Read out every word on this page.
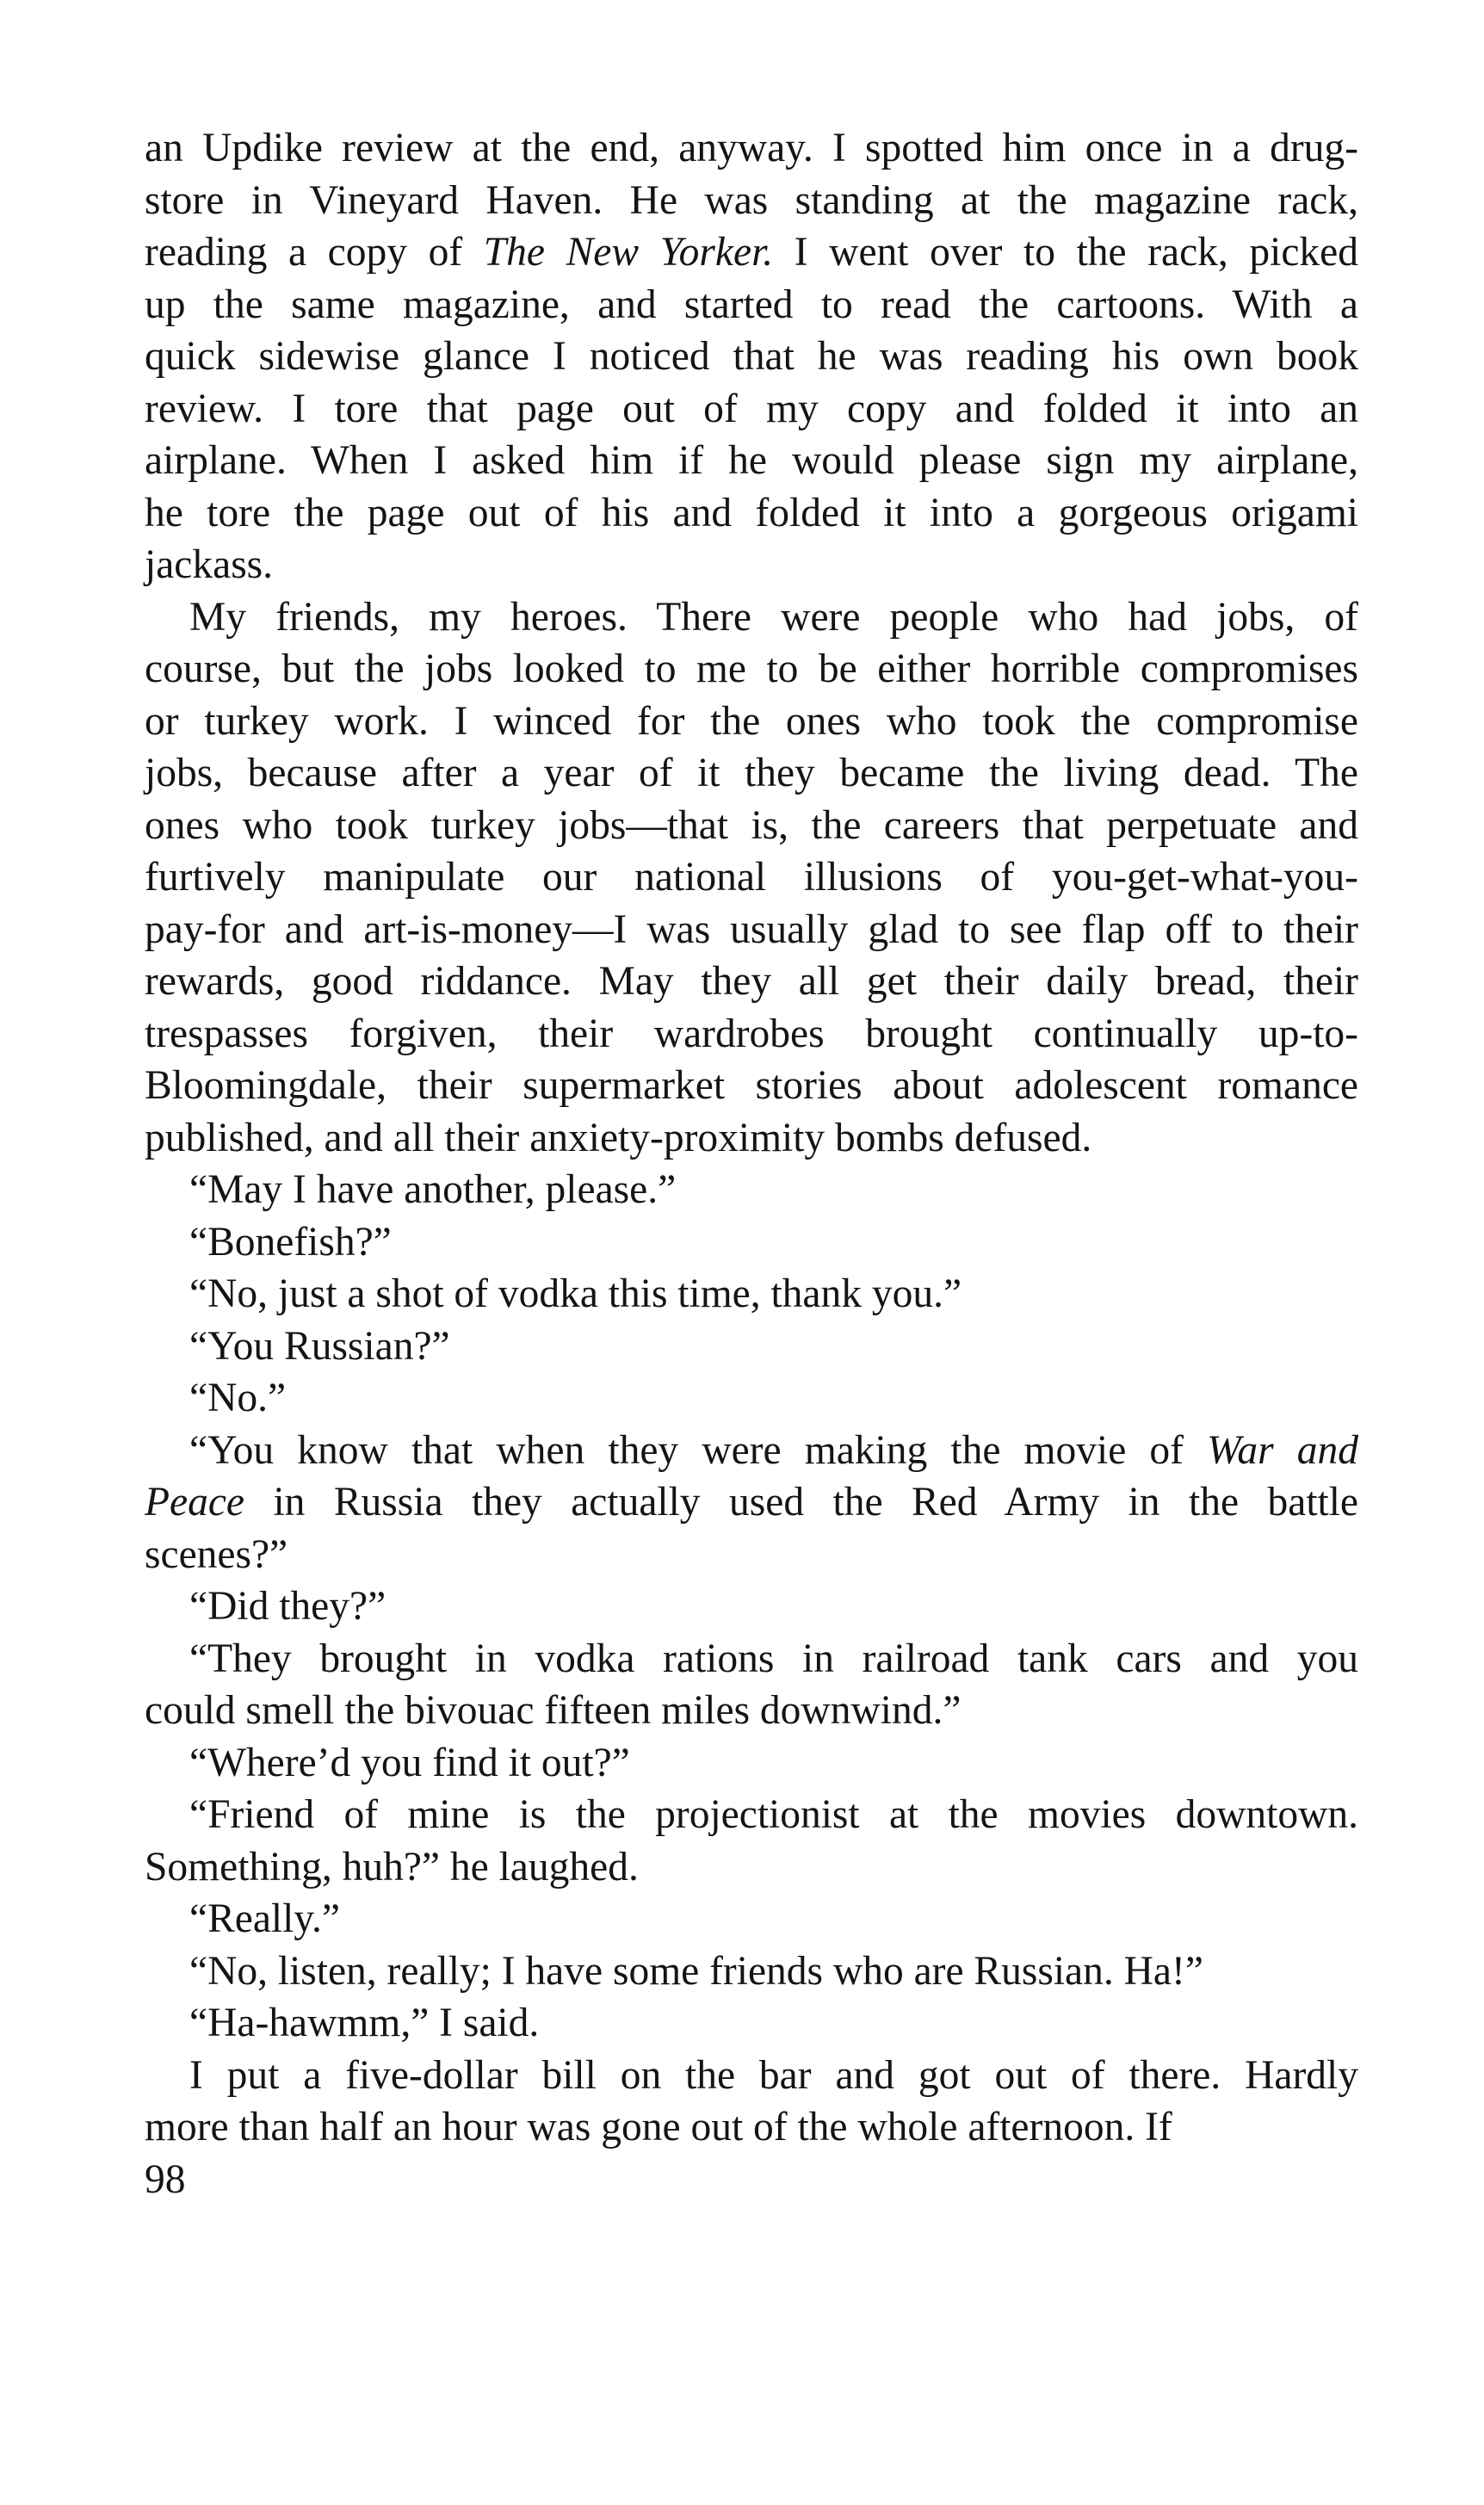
an Updike review at the end, anyway. I spotted him once in a drug-
store in Vineyard Haven. He was standing at the magazine rack,
reading a copy of The New Yorker. I went over to the rack, picked
up the same magazine, and started to read the cartoons. With a
quick sidewise glance I noticed that he was reading his own book
review. I tore that page out of my copy and folded it into an
airplane. When I asked him if he would please sign my airplane,
he tore the page out of his and folded it into a gorgeous origami
jackass.
My friends, my heroes. There were people who had jobs, of
course, but the jobs looked to me to be either horrible compromises
or turkey work. I winced for the ones who took the compromise
jobs, because after a year of it they became the living dead. The
ones who took turkey jobs—that is, the careers that perpetuate and
furtively manipulate our national illusions of you-get-what-you-
pay-for and art-is-money—I was usually glad to see flap off to their
rewards, good riddance. May they all get their daily bread, their
trespasses forgiven, their wardrobes brought continually up-to-
Bloomingdale, their supermarket stories about adolescent romance
published, and all their anxiety-proximity bombs defused.
“May I have another, please.”
“Bonefish?”
“No, just a shot of vodka this time, thank you.”
“You Russian?”
“No.”
“You know that when they were making the movie of War and
Peace in Russia they actually used the Red Army in the battle
scenes?”
“Did they?”
“They brought in vodka rations in railroad tank cars and you
could smell the bivouac fifteen miles downwind.”
“Where’d you find it out?”
“Friend of mine is the projectionist at the movies downtown.
Something, huh?” he laughed.
“Really.”
“No, listen, really; I have some friends who are Russian. Ha!”
“Ha-hawmm,” I said.
I put a five-dollar bill on the bar and got out of there. Hardly
more than half an hour was gone out of the whole afternoon. If
98
